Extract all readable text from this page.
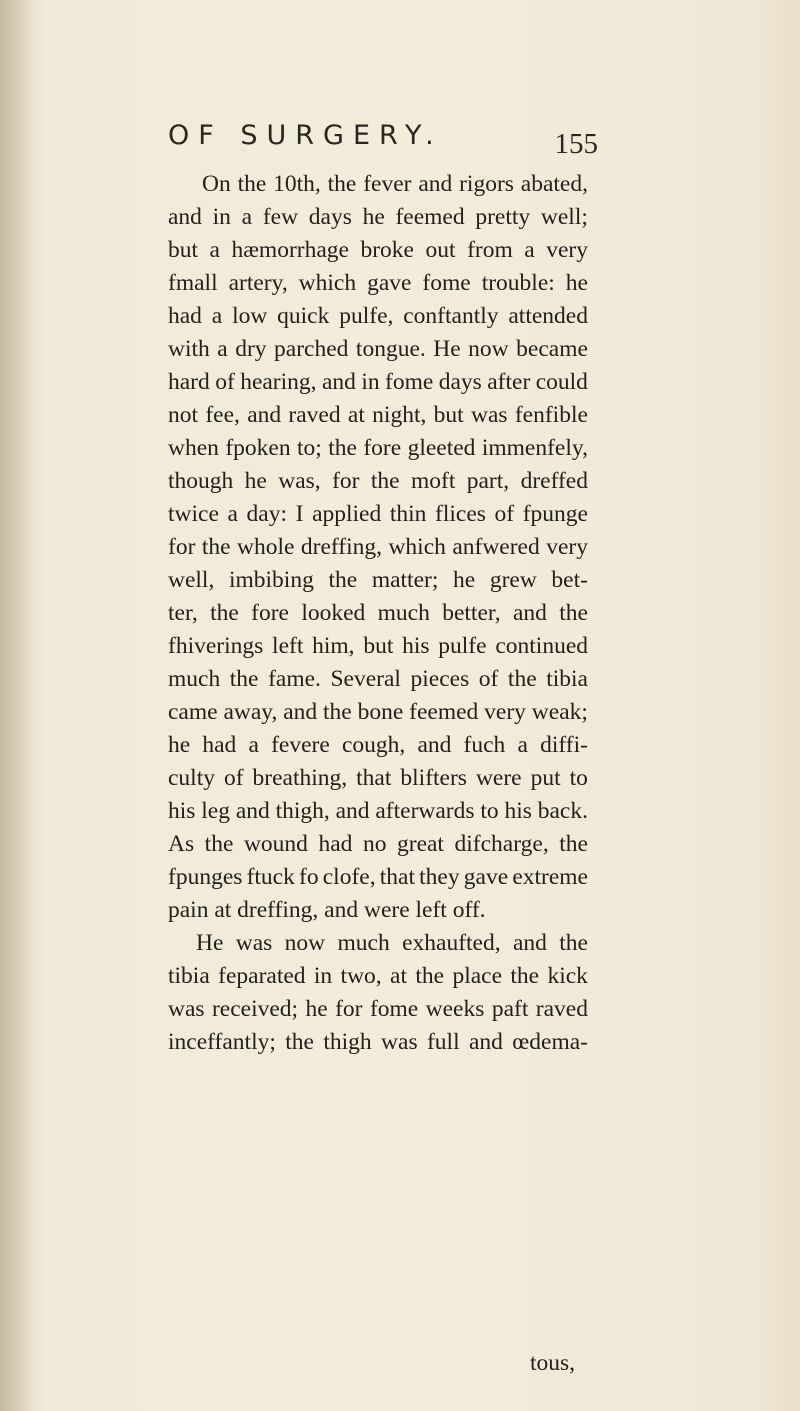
OF SURGERY.	155
On the 10th, the fever and rigors abated,
and in a few days he feemed pretty well;
but a hæmorrhage broke out from a very
fmall artery, which gave fome trouble: he
had a low quick pulfe, conftantly attended
with a dry parched tongue. He now became
hard of hearing, and in fome days after could
not fee, and raved at night, but was fenfible
when fpoken to; the fore gleeted immenfely,
though he was, for the moft part, dreffed
twice a day: I applied thin flices of fpunge
for the whole dreffing, which anfwered very
well, imbibing the matter; he grew bet-
ter, the fore looked much better, and the
fhiverings left him, but his pulfe continued
much the fame. Several pieces of the tibia
came away, and the bone feemed very weak;
he had a fevere cough, and fuch a diffi-
culty of breathing, that blifters were put to
his leg and thigh, and afterwards to his back.
As the wound had no great difcharge, the
fpunges ftuck fo clofe, that they gave extreme
pain at dreffing, and were left off.
He was now much exhaufted, and the
tibia feparated in two, at the place the kick
was received; he for fome weeks paft raved
inceffantly; the thigh was full and œdema-
tous,
